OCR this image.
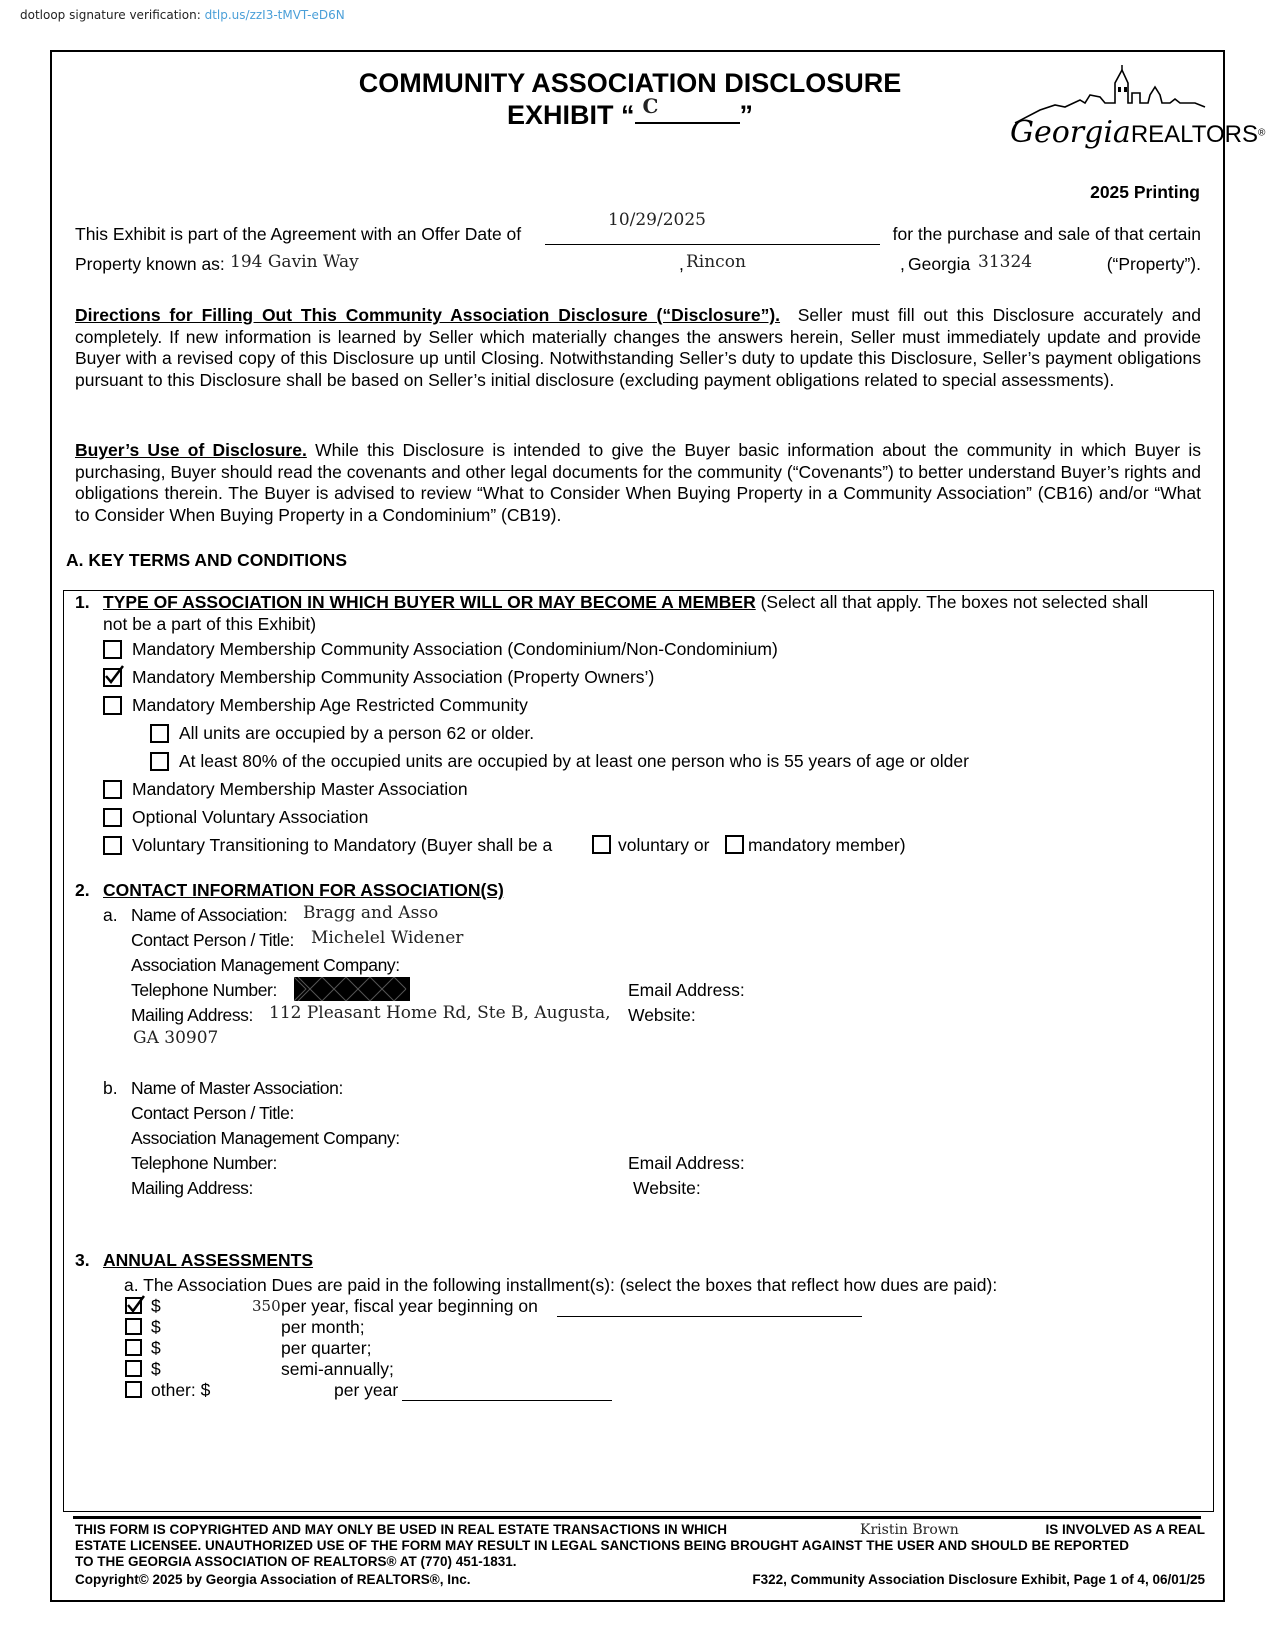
dotloop signature verification: dtlp.us/zzI3-tMVT-eD6N
COMMUNITY ASSOCIATION DISCLOSURE
EXHIBIT “ C	”	GeorgiaREALTORS®
2025 Printing
10/29/2025
This Exhibit is part of the Agreement with an Offer Date of	for the purchase and sale of that certain
Property known as: 194 Gavin Way	, Rincon	, Georgia 31324	(“Property”).
Directions for Filling Out This Community Association Disclosure (“Disclosure”). Seller must fill out this Disclosure accurately and completely. If new information is learned by Seller which materially changes the answers herein, Seller must immediately update and provide Buyer with a revised copy of this Disclosure up until Closing. Notwithstanding Seller’s duty to update this Disclosure, Seller’s payment obligations pursuant to this Disclosure shall be based on Seller’s initial disclosure (excluding payment obligations related to special assessments).
Buyer’s Use of Disclosure. While this Disclosure is intended to give the Buyer basic information about the community in which Buyer is purchasing, Buyer should read the covenants and other legal documents for the community (“Covenants”) to better understand Buyer’s rights and obligations therein. The Buyer is advised to review “What to Consider When Buying Property in a Community Association” (CB16) and/or “What to Consider When Buying Property in a Condominium” (CB19).
A. KEY TERMS AND CONDITIONS
1. TYPE OF ASSOCIATION IN WHICH BUYER WILL OR MAY BECOME A MEMBER (Select all that apply. The boxes not selected shall
not be a part of this Exhibit)
Mandatory Membership Community Association (Condominium/Non-Condominium)
Mandatory Membership Community Association (Property Owners’)
Mandatory Membership Age Restricted Community
All units are occupied by a person 62 or older.
At least 80% of the occupied units are occupied by at least one person who is 55 years of age or older
Mandatory Membership Master Association
Optional Voluntary Association
Voluntary Transitioning to Mandatory (Buyer shall be a	voluntary or mandatory member)
2. CONTACT INFORMATION FOR ASSOCIATION(S)
a. Name of Association: Bragg and Asso
Contact Person / Title: Michelel Widener
Association Management Company:
Telephone Number:	Email Address:
Mailing Address: 112 Pleasant Home Rd, Ste B, Augusta,
GA 30907
Website:
b. Name of Master Association:
Contact Person / Title:
Association Management Company:
Telephone Number:	Email Address:
Mailing Address:	Website:
3. ANNUAL ASSESSMENTS
a. The Association Dues are paid in the following installment(s): (select the boxes that reflect how dues are paid):
$	350 per year, fiscal year beginning on
$	per month;
$	per quarter;
$	semi-annually;
other: $	per year
THIS FORM IS COPYRIGHTED AND MAY ONLY BE USED IN REAL ESTATE TRANSACTIONS IN WHICH	Kristin Brown	IS INVOLVED AS A REAL
ESTATE LICENSEE. UNAUTHORIZED USE OF THE FORM MAY RESULT IN LEGAL SANCTIONS BEING BROUGHT AGAINST THE USER AND SHOULD BE REPORTED
TO THE GEORGIA ASSOCIATION OF REALTORS® AT (770) 451-1831.
Copyright© 2025 by Georgia Association of REALTORS®, Inc.	F322, Community Association Disclosure Exhibit, Page 1 of 4, 06/01/25
